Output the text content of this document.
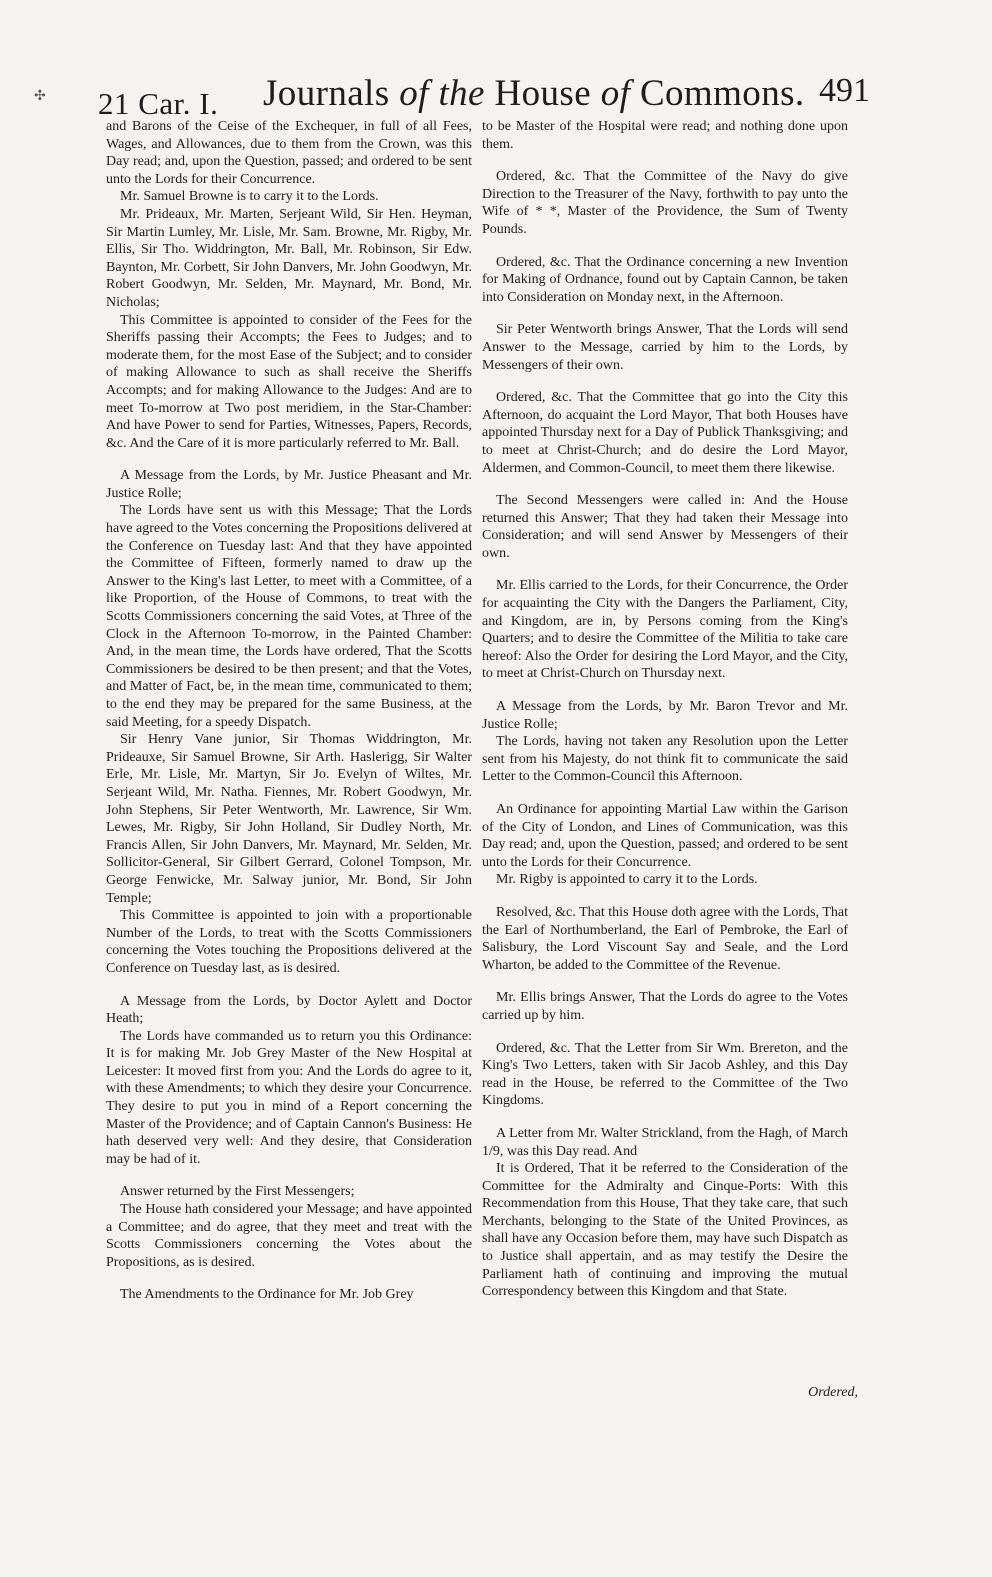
✣ 21 Car. I. Journals of the House of Commons. 491

and Barons of the Ceise of the Exchequer, in full of all Fees, Wages, and Allowances, due to them from the Crown, was this Day read; and, upon the Question, passed; and ordered to be sent unto the Lords for their Concurrence.

Mr. Samuel Browne is to carry it to the Lords.

Mr. Prideaux, Mr. Marten, Serjeant Wild, Sir Hen. Heyman, Sir Martin Lumley, Mr. Lisle, Mr. Sam. Browne, Mr. Rigby, Mr. Ellis, Sir Tho. Widdrington, Mr. Ball, Mr. Robinson, Sir Edw. Baynton, Mr. Corbett, Sir John Danvers, Mr. John Goodwyn, Mr. Robert Goodwyn, Mr. Selden, Mr. Maynard, Mr. Bond, Mr. Nicholas;

This Committee is appointed to consider of the Fees for the Sheriffs passing their Accompts; the Fees to Judges; and to moderate them, for the most Ease of the Subject; and to consider of making Allowance to such as shall receive the Sheriffs Accompts; and for making Allowance to the Judges: And are to meet To-morrow at Two post meridiem, in the Star-Chamber: And have Power to send for Parties, Witnesses, Papers, Records, &c. And the Care of it is more particularly referred to Mr. Ball.

A Message from the Lords, by Mr. Justice Pheasant and Mr. Justice Rolle;

The Lords have sent us with this Message; That the Lords have agreed to the Votes concerning the Propositions delivered at the Conference on Tuesday last: And that they have appointed the Committee of Fifteen, formerly named to draw up the Answer to the King's last Letter, to meet with a Committee, of a like Proportion, of the House of Commons, to treat with the Scotts Commissioners concerning the said Votes, at Three of the Clock in the Afternoon To-morrow, in the Painted Chamber: And, in the mean time, the Lords have ordered, That the Scotts Commissioners be desired to be then present; and that the Votes, and Matter of Fact, be, in the mean time, communicated to them; to the end they may be prepared for the same Business, at the said Meeting, for a speedy Dispatch.

Sir Henry Vane junior, Sir Thomas Widdrington, Mr. Prideauxe, Sir Samuel Browne, Sir Arth. Haslerigg, Sir Walter Erle, Mr. Lisle, Mr. Martyn, Sir Jo. Evelyn of Wiltes, Mr. Serjeant Wild, Mr. Natha. Fiennes, Mr. Robert Goodwyn, Mr. John Stephens, Sir Peter Wentworth, Mr. Lawrence, Sir Wm. Lewes, Mr. Rigby, Sir John Holland, Sir Dudley North, Mr. Francis Allen, Sir John Danvers, Mr. Maynard, Mr. Selden, Mr. Sollicitor-General, Sir Gilbert Gerrard, Colonel Tompson, Mr. George Fenwicke, Mr. Salway junior, Mr. Bond, Sir John Temple;

This Committee is appointed to join with a proportionable Number of the Lords, to treat with the Scotts Commissioners concerning the Votes touching the Propositions delivered at the Conference on Tuesday last, as is desired.

A Message from the Lords, by Doctor Aylett and Doctor Heath;

The Lords have commanded us to return you this Ordinance: It is for making Mr. Job Grey Master of the New Hospital at Leicester: It moved first from you: And the Lords do agree to it, with these Amendments; to which they desire your Concurrence. They desire to put you in mind of a Report concerning the Master of the Providence; and of Captain Cannon's Business: He hath deserved very well: And they desire, that Consideration may be had of it.

Answer returned by the First Messengers;

The House hath considered your Message; and have appointed a Committee; and do agree, that they meet and treat with the Scotts Commissioners concerning the Votes about the Propositions, as is desired.

The Amendments to the Ordinance for Mr. Job Grey

to be Master of the Hospital were read; and nothing done upon them.

Ordered, &c. That the Committee of the Navy do give Direction to the Treasurer of the Navy, forthwith to pay unto the Wife of * *, Master of the Providence, the Sum of Twenty Pounds.

Ordered, &c. That the Ordinance concerning a new Invention for Making of Ordnance, found out by Captain Cannon, be taken into Consideration on Monday next, in the Afternoon.

Sir Peter Wentworth brings Answer, That the Lords will send Answer to the Message, carried by him to the Lords, by Messengers of their own.

Ordered, &c. That the Committee that go into the City this Afternoon, do acquaint the Lord Mayor, That both Houses have appointed Thursday next for a Day of Publick Thanksgiving; and to meet at Christ-Church; and do desire the Lord Mayor, Aldermen, and Common-Council, to meet them there likewise.

The Second Messengers were called in: And the House returned this Answer; That they had taken their Message into Consideration; and will send Answer by Messengers of their own.

Mr. Ellis carried to the Lords, for their Concurrence, the Order for acquainting the City with the Dangers the Parliament, City, and Kingdom, are in, by Persons coming from the King's Quarters; and to desire the Committee of the Militia to take care hereof: Also the Order for desiring the Lord Mayor, and the City, to meet at Christ-Church on Thursday next.

A Message from the Lords, by Mr. Baron Trevor and Mr. Justice Rolle;

The Lords, having not taken any Resolution upon the Letter sent from his Majesty, do not think fit to communicate the said Letter to the Common-Council this Afternoon.

An Ordinance for appointing Martial Law within the Garison of the City of London, and Lines of Communication, was this Day read; and, upon the Question, passed; and ordered to be sent unto the Lords for their Concurrence.

Mr. Rigby is appointed to carry it to the Lords.

Resolved, &c. That this House doth agree with the Lords, That the Earl of Northumberland, the Earl of Pembroke, the Earl of Salisbury, the Lord Viscount Say and Seale, and the Lord Wharton, be added to the Committee of the Revenue.

Mr. Ellis brings Answer, That the Lords do agree to the Votes carried up by him.

Ordered, &c. That the Letter from Sir Wm. Brereton, and the King's Two Letters, taken with Sir Jacob Ashley, and this Day read in the House, be referred to the Committee of the Two Kingdoms.

A Letter from Mr. Walter Strickland, from the Hagh, of March 1/9, was this Day read. And

It is Ordered, That it be referred to the Consideration of the Committee for the Admiralty and Cinque-Ports: With this Recommendation from this House, That they take care, that such Merchants, belonging to the State of the United Provinces, as shall have any Occasion before them, may have such Dispatch as to Justice shall appertain, and as may testify the Desire the Parliament hath of continuing and improving the mutual Correspondency between this Kingdom and that State.

Ordered,
